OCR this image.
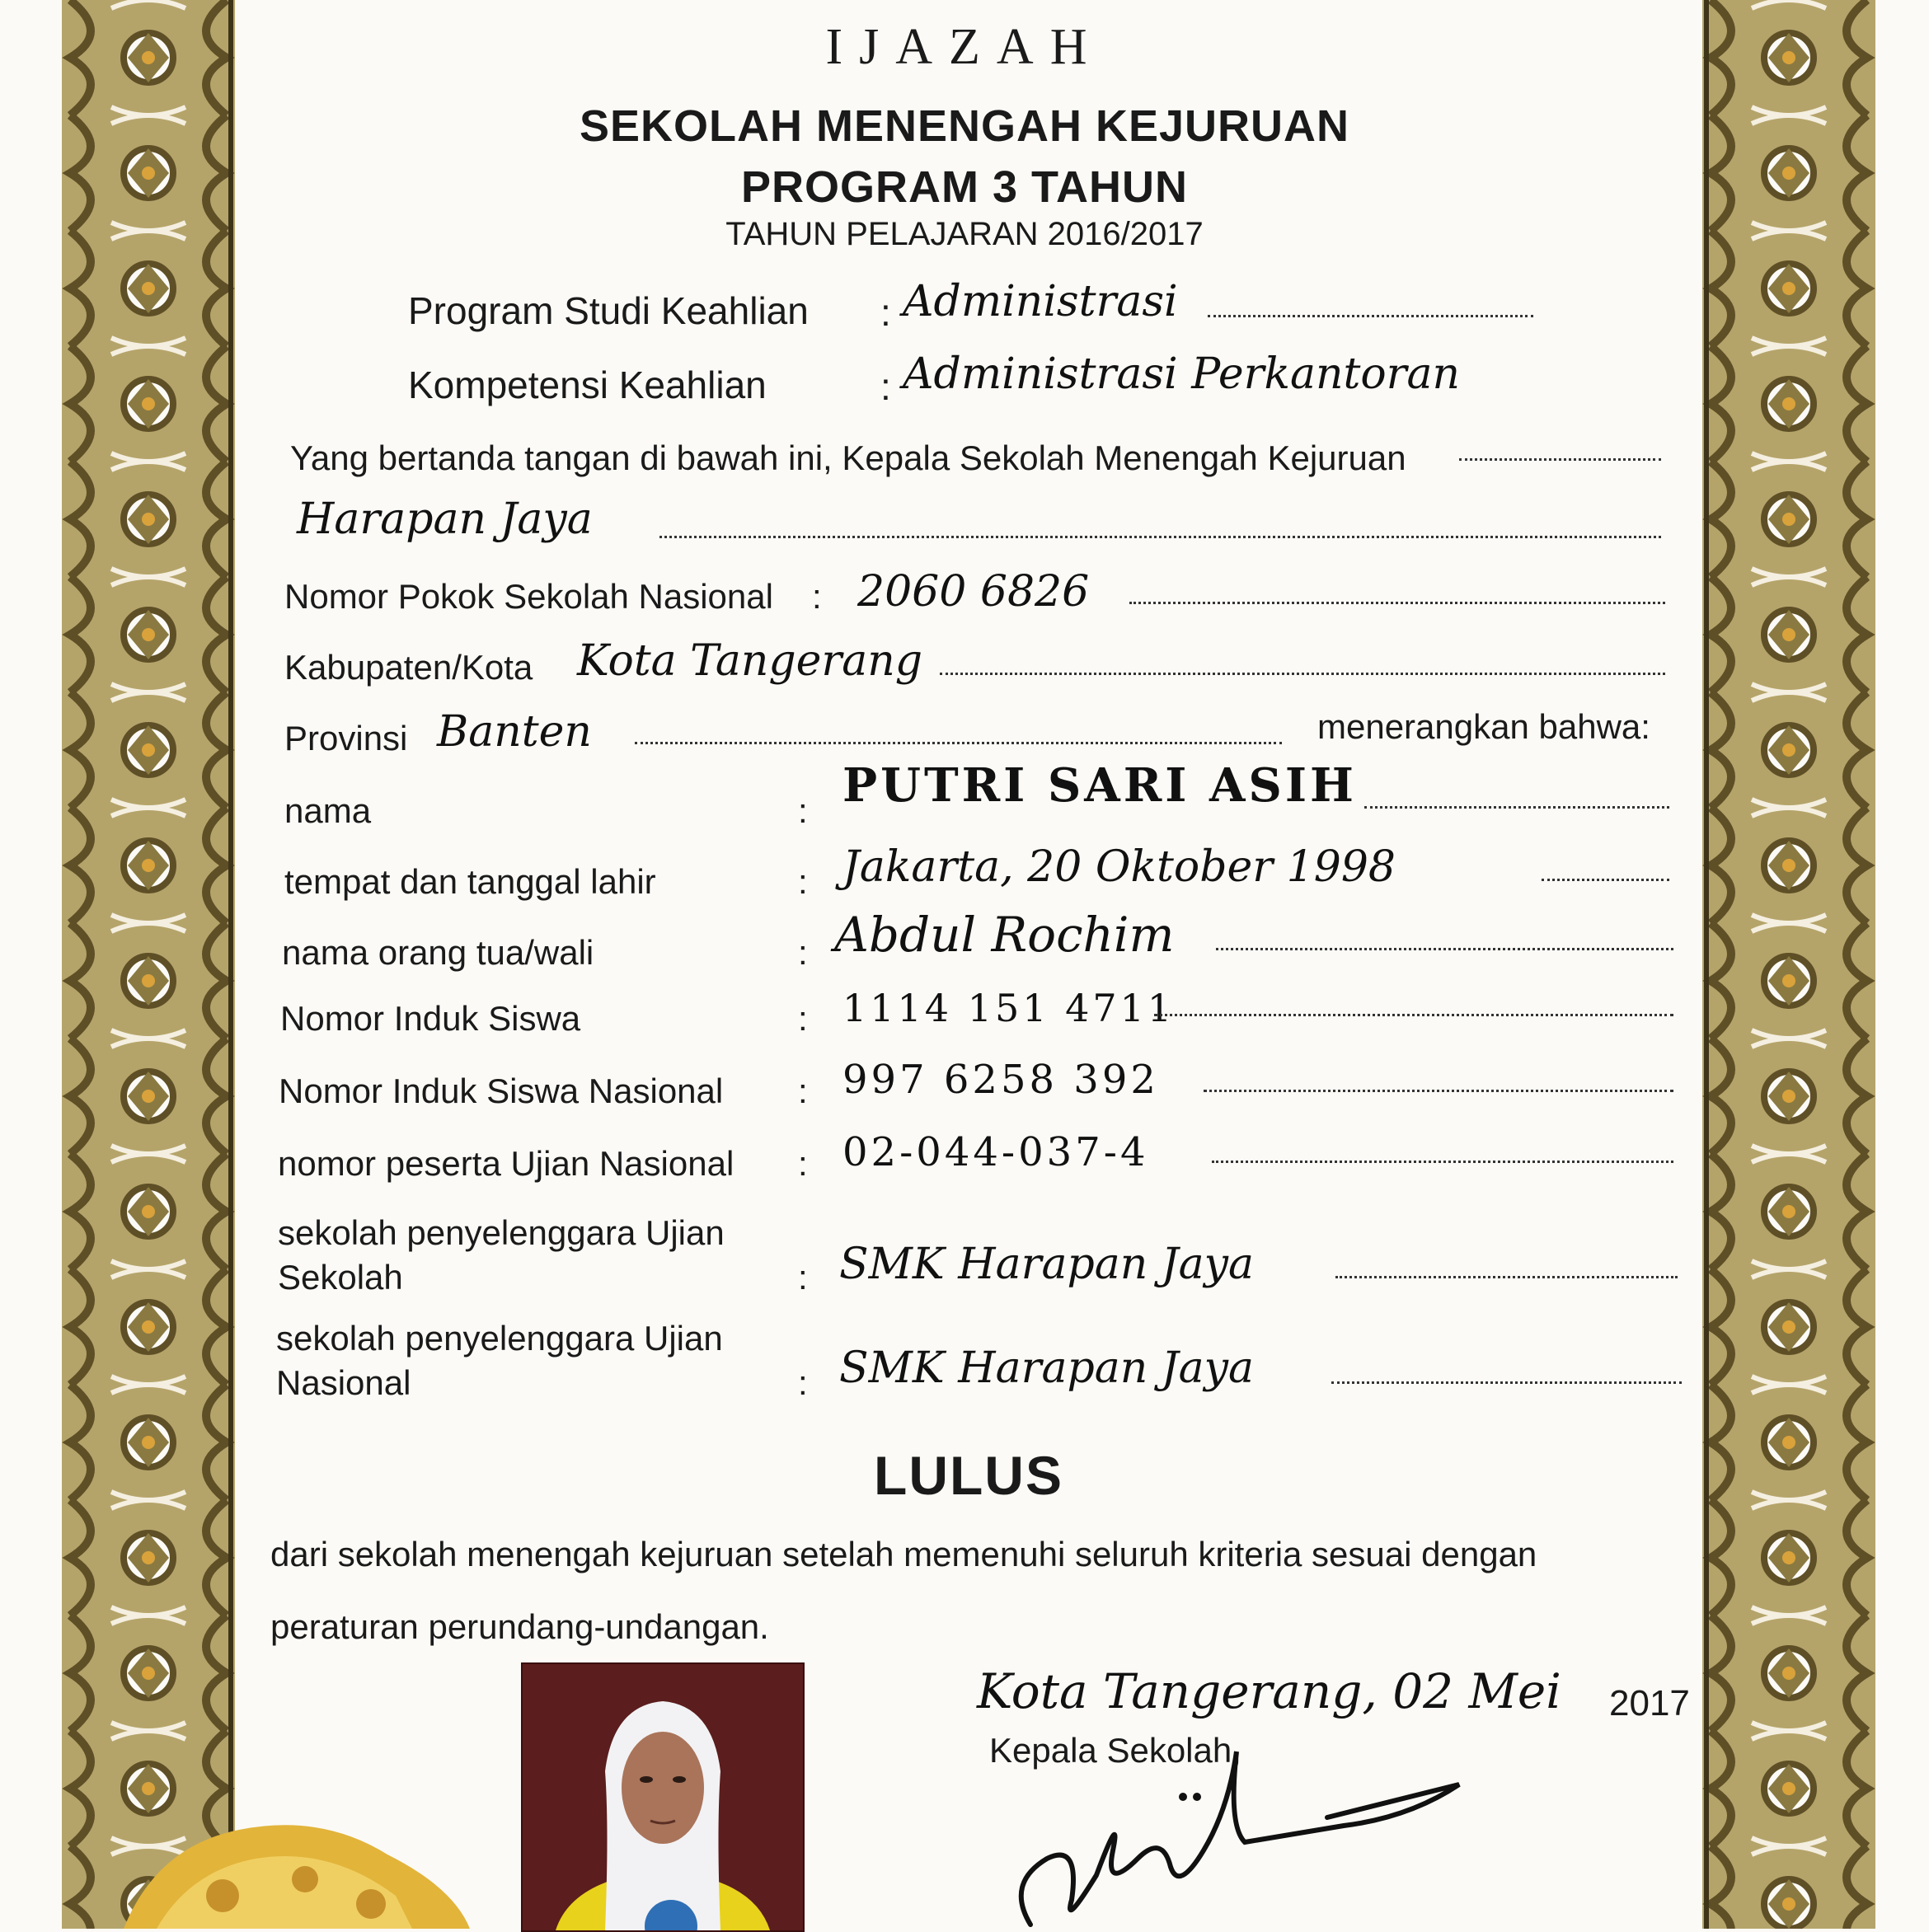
IJAZAH
SEKOLAH MENENGAH KEJURUAN
PROGRAM 3 TAHUN
TAHUN PELAJARAN 2016/2017
Program Studi Keahlian : Administrasi
Kompetensi Keahlian	: Administrasi Perkantoran
Yang bertanda tangan di bawah ini, Kepala Sekolah Menengah Kejuruan
Harapan Jaya
Nomor Pokok Sekolah Nasional : 2060 6826
Kabupaten/Kota Kota Tangerang
Provinsi Banten	menerangkan bahwa:
nama	: PUTRI SARI ASIH
tempat dan tanggal lahir	: Jakarta, 20 Oktober 1998
nama orang tua/wali	: Abdul Rochim
Nomor Induk Siswa	: 1114 151 4711
Nomor Induk Siswa Nasional : 997 6258 392
nomor peserta Ujian Nasional : 02-044-037-4
sekolah penyelenggara Ujian
Sekolah	: SMK Harapan Jaya
sekolah penyelenggara Ujian
Nasional	: SMK Harapan Jaya
LULUS
dari sekolah menengah kejuruan setelah memenuhi seluruh kriteria sesuai dengan
peraturan perundang-undangan.
Kota Tangerang, 02 Mei 2017
Kepala Sekolah,
